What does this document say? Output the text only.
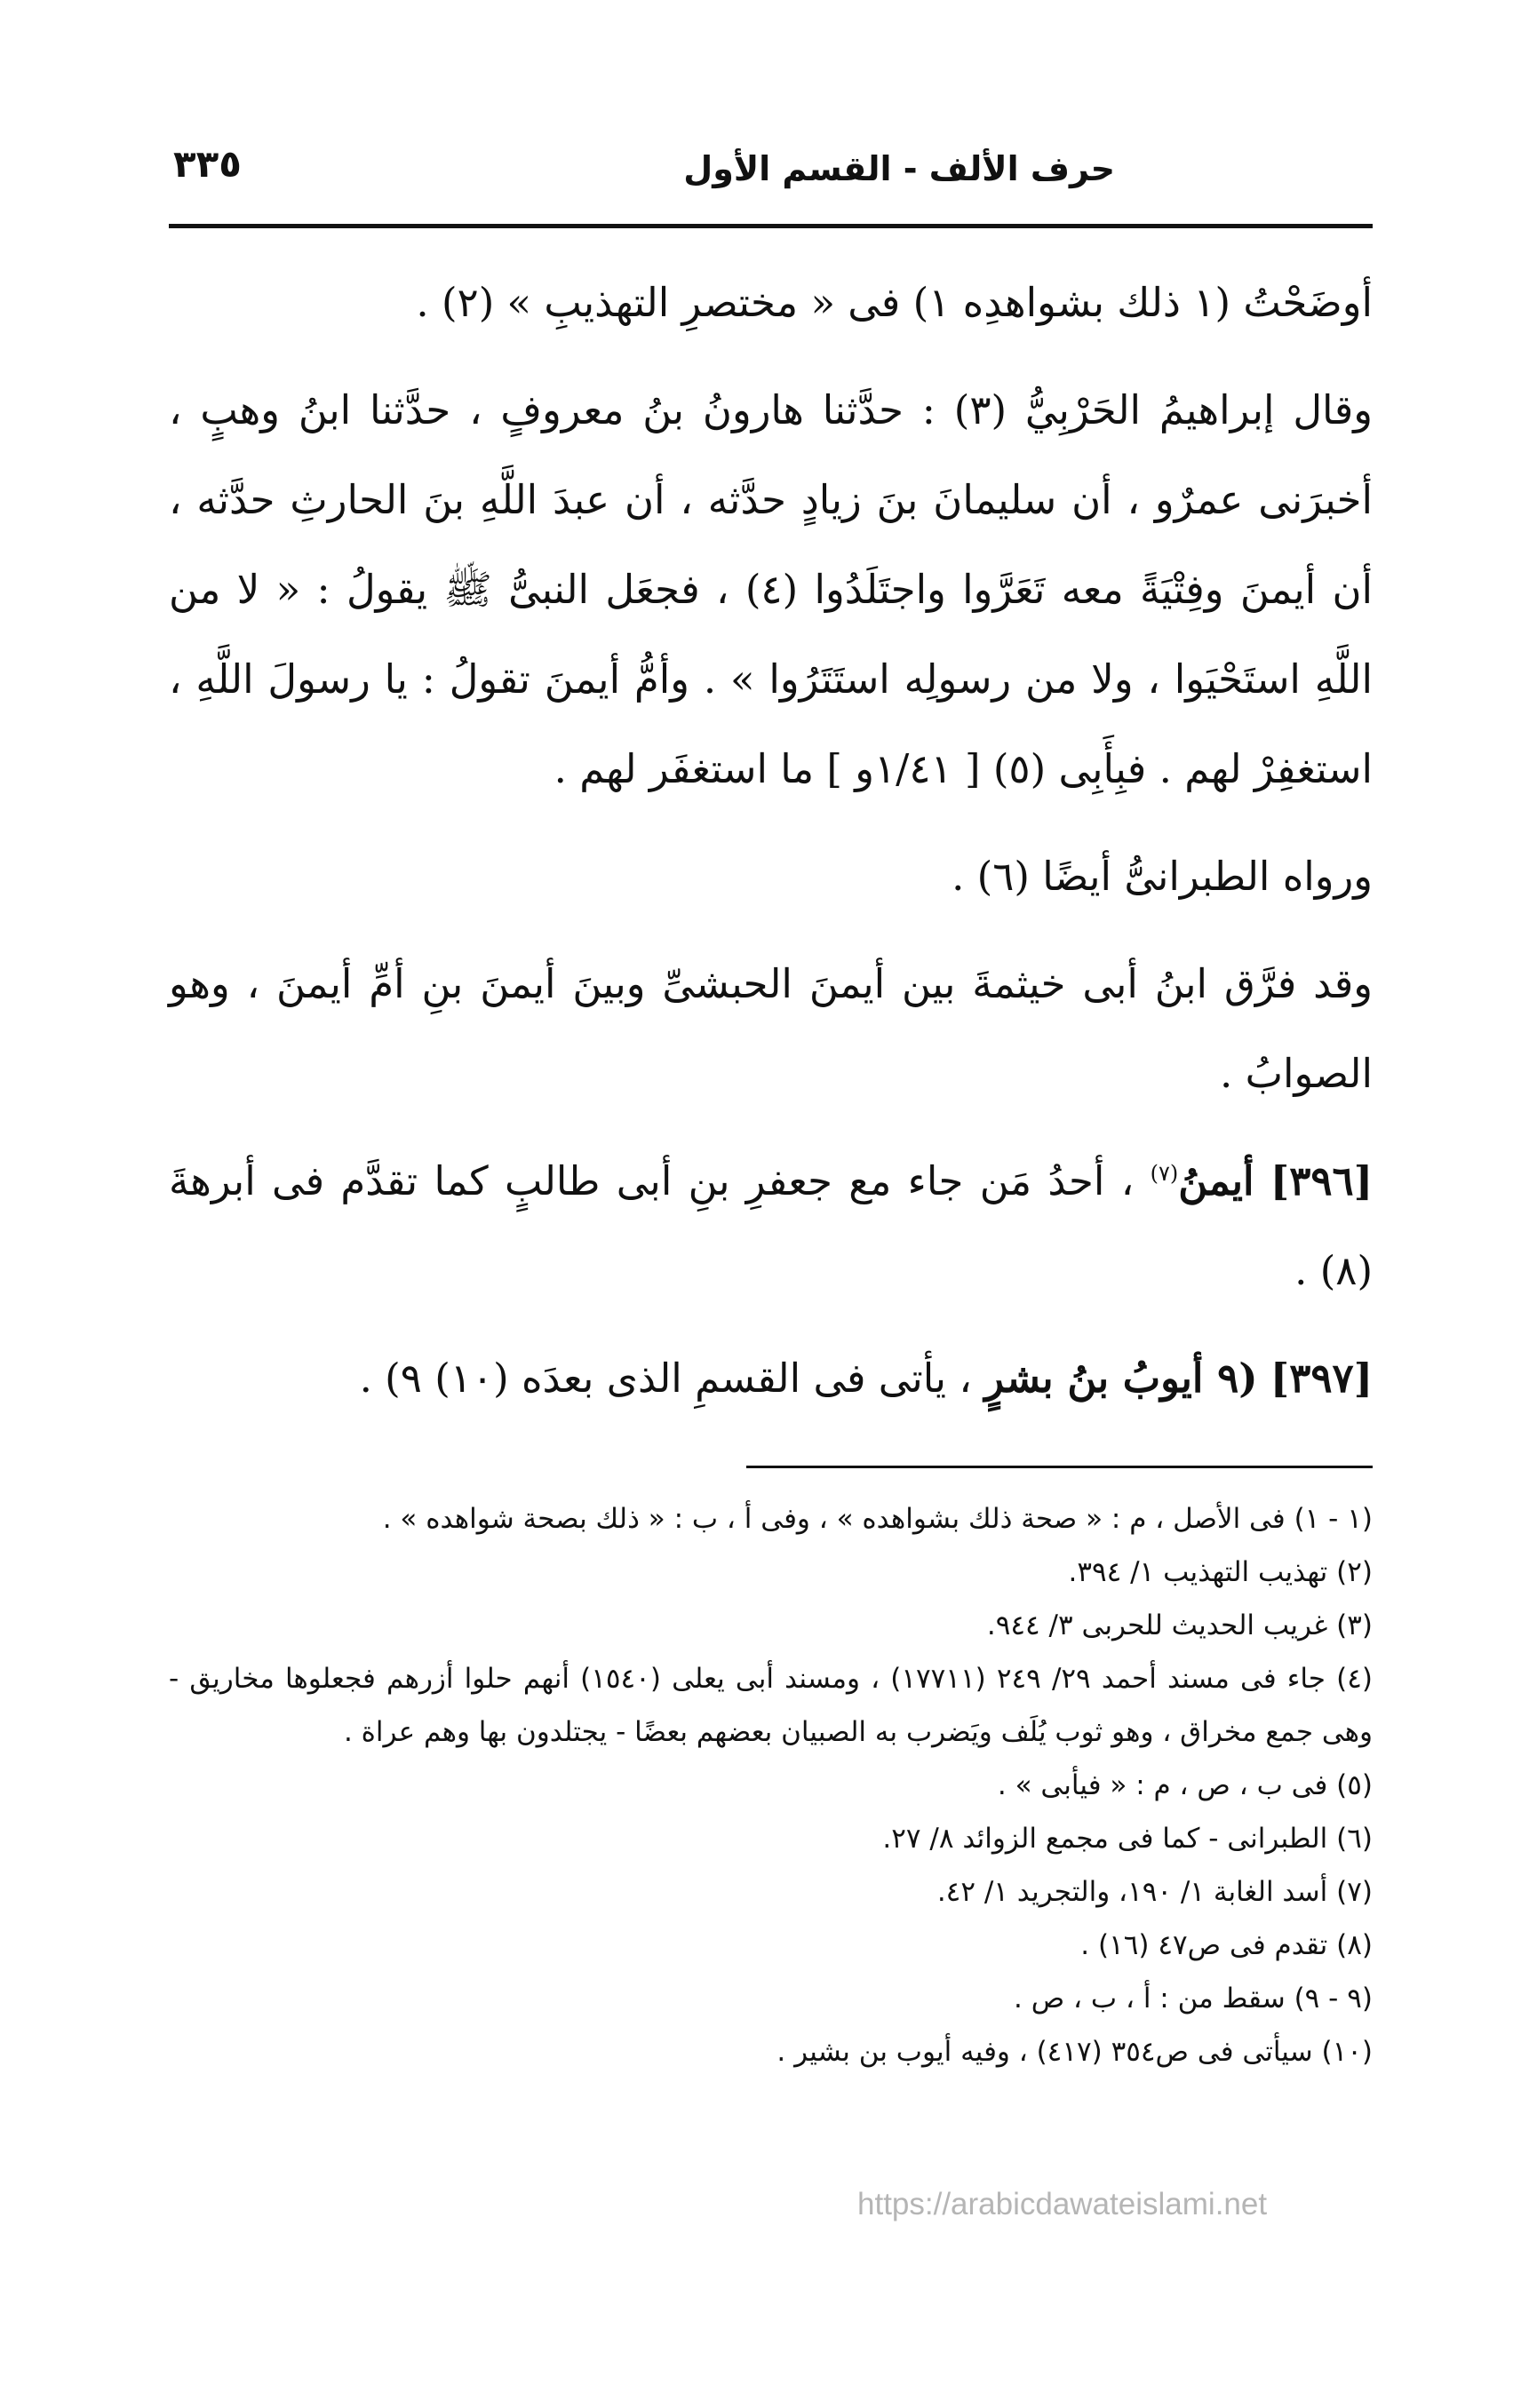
حرف الألف - القسم الأول
٣٣٥

أوضَحْتُ (١ ذلك بشواهدِه ١) فى « مختصرِ التهذيبِ » (٢) .

وقال إبراهيمُ الحَرْبِيُّ (٣) : حدَّثنا هارونُ بنُ معروفٍ ، حدَّثنا ابنُ وهبٍ ، أخبرَنى عمرٌو ، أن سليمانَ بنَ زيادٍ حدَّثه ، أن عبدَ اللَّهِ بنَ الحارثِ حدَّثه ، أن أيمنَ وفِتْيَةً معه تَعَرَّوا واجتَلَدُوا (٤) ، فجعَل النبىُّ ﷺ يقولُ : « لا من اللَّهِ استَحْيَوا ، ولا من رسولِه استَتَرُوا » . وأمُّ أيمنَ تقولُ : يا رسولَ اللَّهِ ، استغفِرْ لهم . فبِأَبِى (٥) [ ١/٤١و ] ما استغفَر لهم .

ورواه الطبرانىُّ أيضًا (٦) .

وقد فرَّق ابنُ أبى خيثمةَ بين أيمنَ الحبشىِّ وبينَ أيمنَ بنِ أمِّ أيمنَ ، وهو الصوابُ .

[٣٩٦] أيمنُ$^{(٧)}$ ، أحدُ مَن جاء مع جعفرِ بنِ أبى طالبٍ كما تقدَّم فى أبرهةَ (٨) .

[٣٩٧] (٩ أيوبُ بنُ بشرٍ ، يأتى فى القسمِ الذى بعدَه (١٠) ٩) .

(١ - ١) فى الأصل ، م : « صحة ذلك بشواهده » ، وفى أ ، ب : « ذلك بصحة شواهده » .

(٢) تهذيب التهذيب ١/ ٣٩٤.

(٣) غريب الحديث للحربى ٣/ ٩٤٤.

(٤) جاء فى مسند أحمد ٢٩/ ٢٤٩ (١٧٧١١) ، ومسند أبى يعلى (١٥٤٠) أنهم حلوا أزرهم فجعلوها مخاريق - وهى جمع مخراق ، وهو ثوب يُلَف ويَضرب به الصبيان بعضهم بعضًا - يجتلدون بها وهم عراة .

(٥) فى ب ، ص ، م : « فيأبى » .

(٦) الطبرانى - كما فى مجمع الزوائد ٨/ ٢٧.

(٧) أسد الغابة ١/ ١٩٠، والتجريد ١/ ٤٢.

(٨) تقدم فى ص٤٧ (١٦) .

(٩ - ٩) سقط من : أ ، ب ، ص .

(١٠) سيأتى فى ص٣٥٤ (٤١٧) ، وفيه أيوب بن بشير .

https://arabicdawateislami.net
